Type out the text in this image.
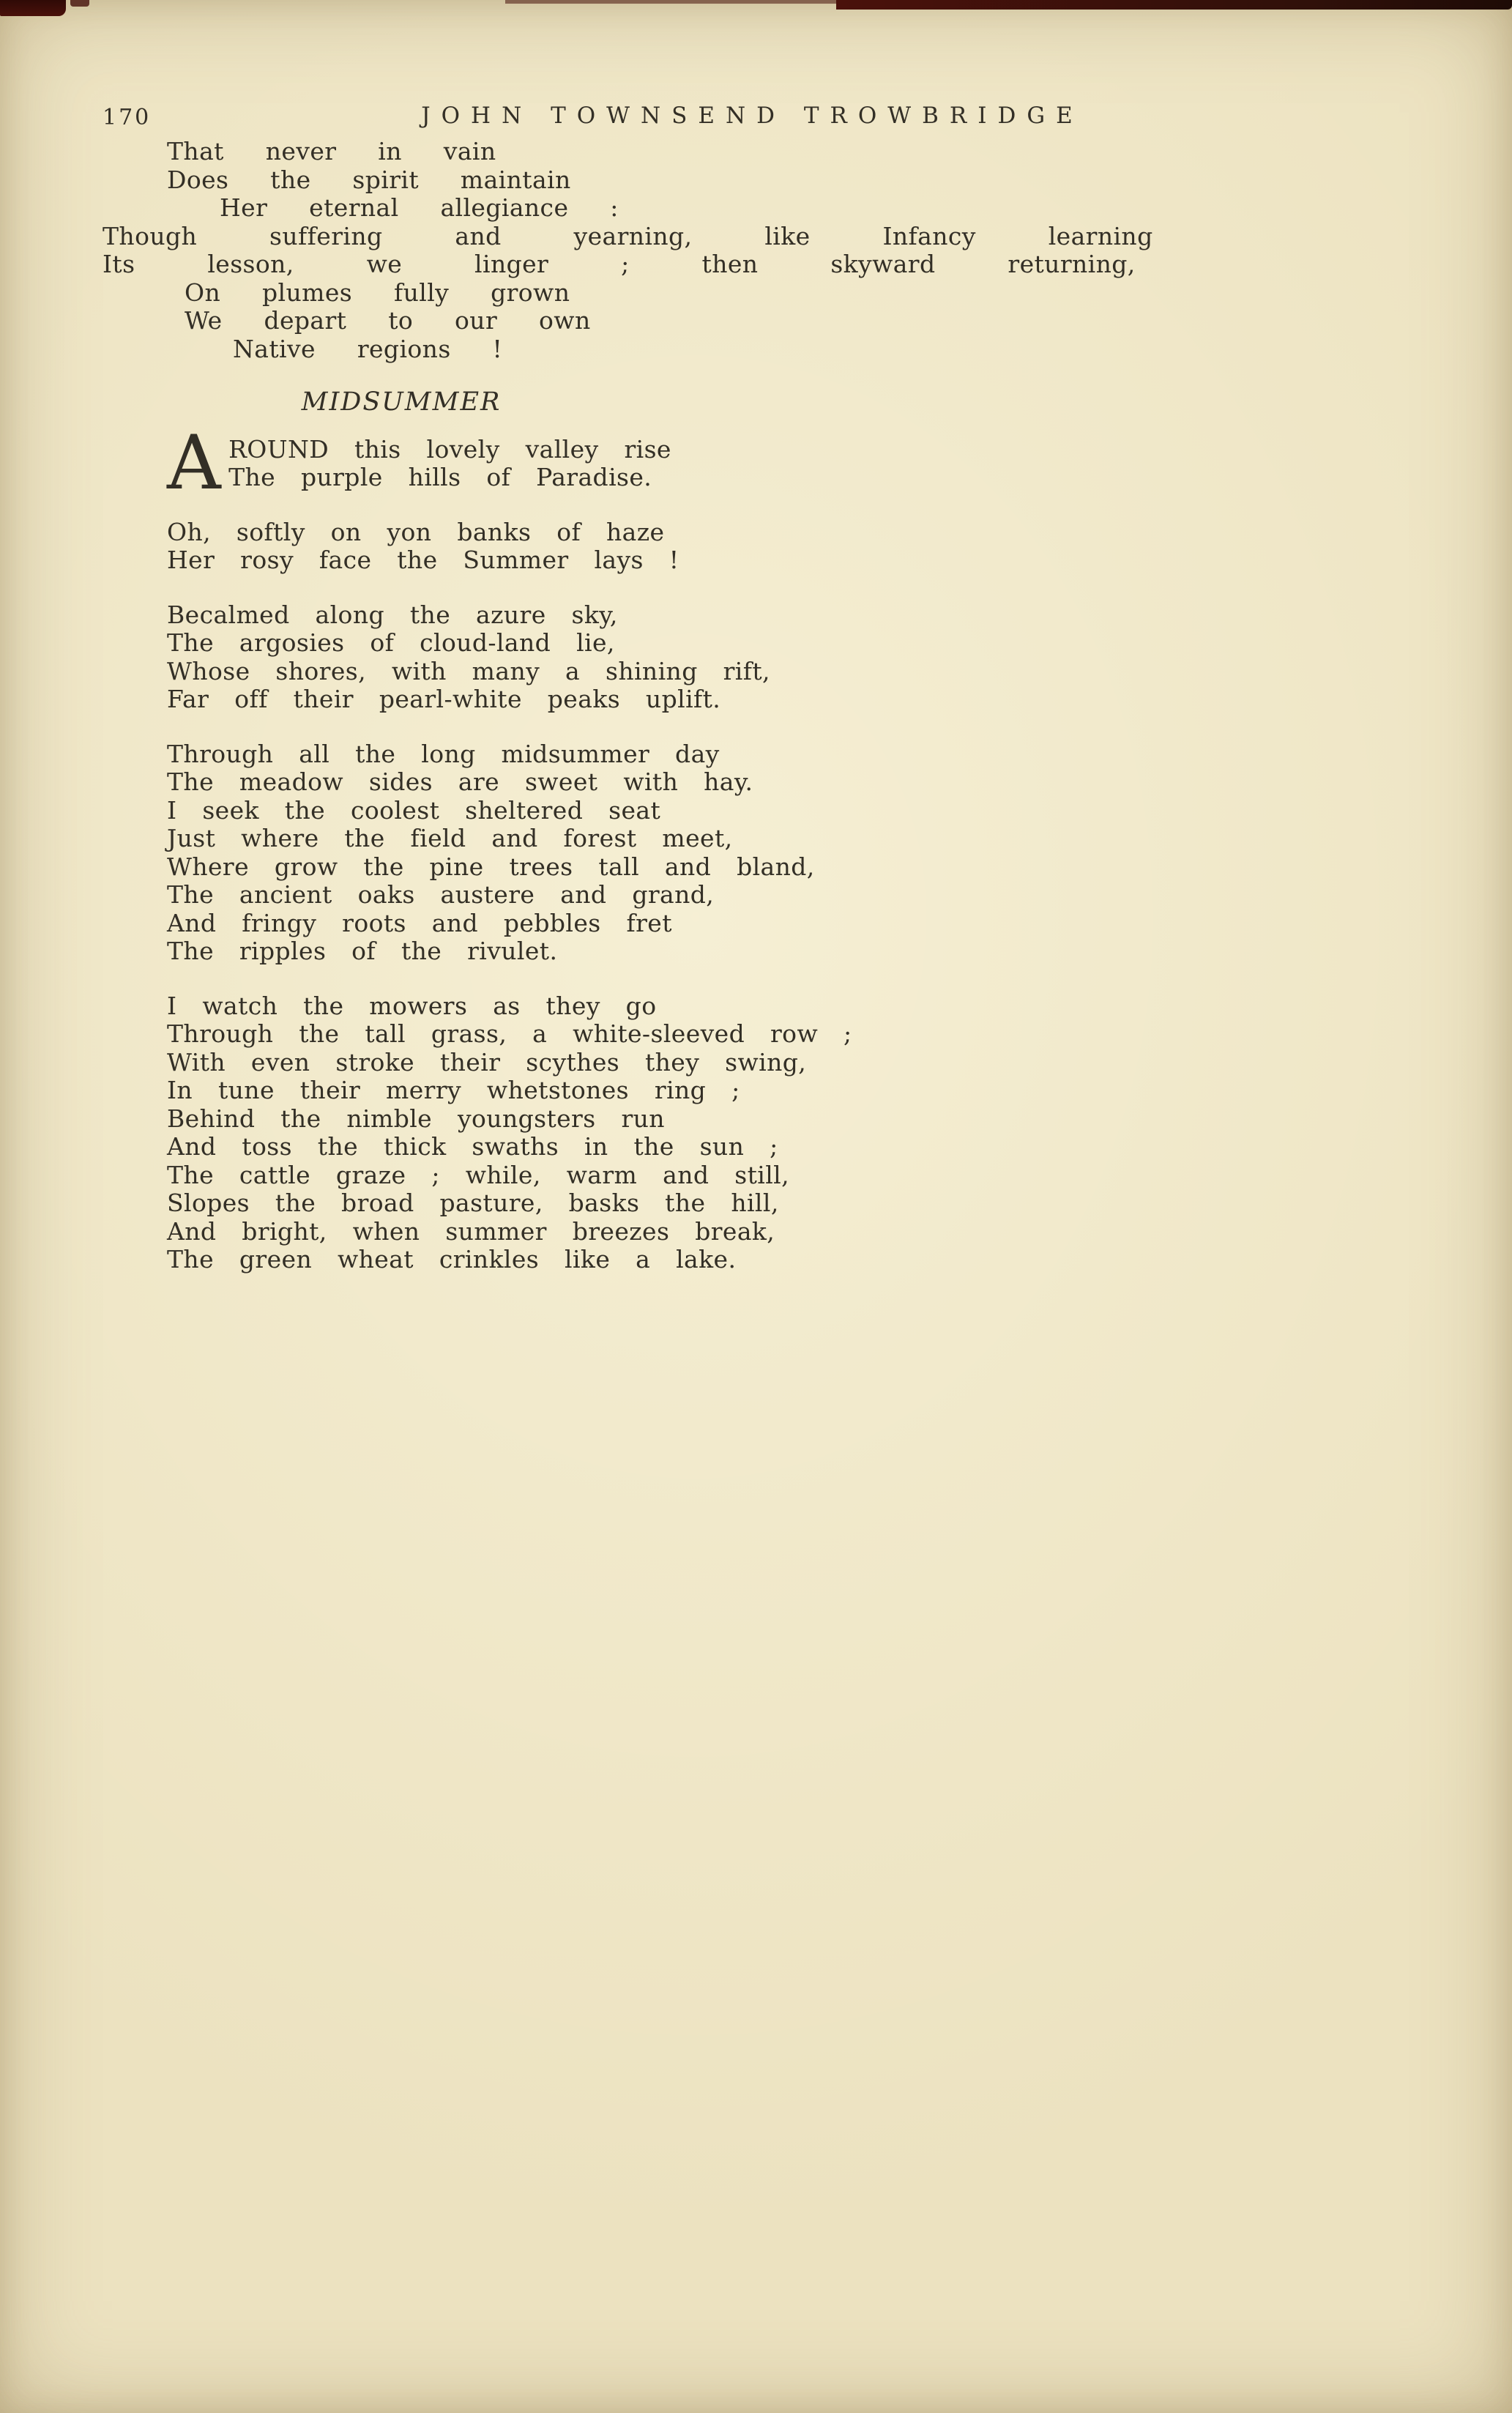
170	JOHN TOWNSEND TROWBRIDGE

That never in vain

Does the spirit maintain

Her eternal allegiance :

Though suffering and yearning, like Infancy learning

Its lesson, we linger ; then skyward returning,

On plumes fully grown

We depart to our own

Native regions !

MIDSUMMER
A ROUND this lovely valley rise

The purple hills of Paradise.

Oh, softly on yon banks of haze

Her rosy face the Summer lays !

Becalmed along the azure sky,

The argosies of cloud-land lie,

Whose shores, with many a shining rift,

Far off their pearl-white peaks uplift.

Through all the long midsummer day

The meadow sides are sweet with hay.

I seek the coolest sheltered seat

Just where the field and forest meet,

Where grow the pine trees tall and bland,

The ancient oaks austere and grand,

And fringy roots and pebbles fret

The ripples of the rivulet.

I watch the mowers as they go

Through the tall grass, a white-sleeved row ;

With even stroke their scythes they swing,

In tune their merry whetstones ring ;

Behind the nimble youngsters run

And toss the thick swaths in the sun ;

The cattle graze ; while, warm and still,

Slopes the broad pasture, basks the hill,

And bright, when summer breezes break,

The green wheat crinkles like a lake.
